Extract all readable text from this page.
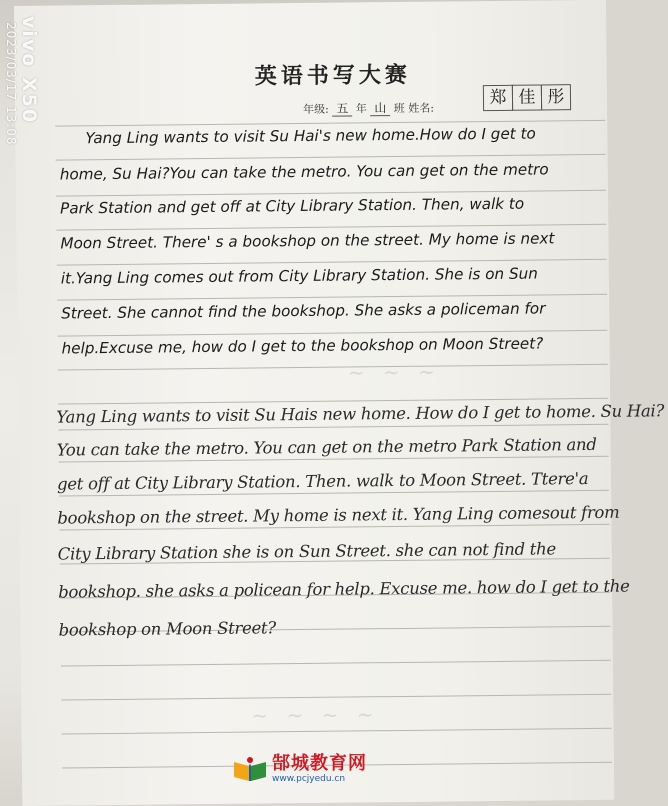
vivo X50
2023/03/17 13:08	英语书写大赛
年级: 五 年 山 班 姓名:
郑 佳 彤
Yang Ling wants to visit Su Hai's new home.How do I get to
home, Su Hai?You can take the metro. You can get on the metro
Park Station and get off at City Library Station. Then, walk to
Moon Street. There' s a bookshop on the street. My home is next
it.Yang Ling comes out from City Library Station. She is on Sun
Street. She cannot find the bookshop. She asks a policeman for
help.Excuse me, how do I get to the bookshop on Moon Street?
~ ~ ~
~ ~ ~ ~
Yang Ling wants to visit Su Hais new home. How do I get to home. Su Hai?
You can take the metro. You can get on the metro Park Station and
get off at City Library Station. Then. walk to Moon Street. Ttere'a
bookshop on the street. My home is next it. Yang Ling comesout from
City Library Station she is on Sun Street. she can not find the
bookshop. she asks a policean for help. Excuse me. how do I get to the
bookshop on Moon Street?
郜城教育网
www.pcjyedu.cn
